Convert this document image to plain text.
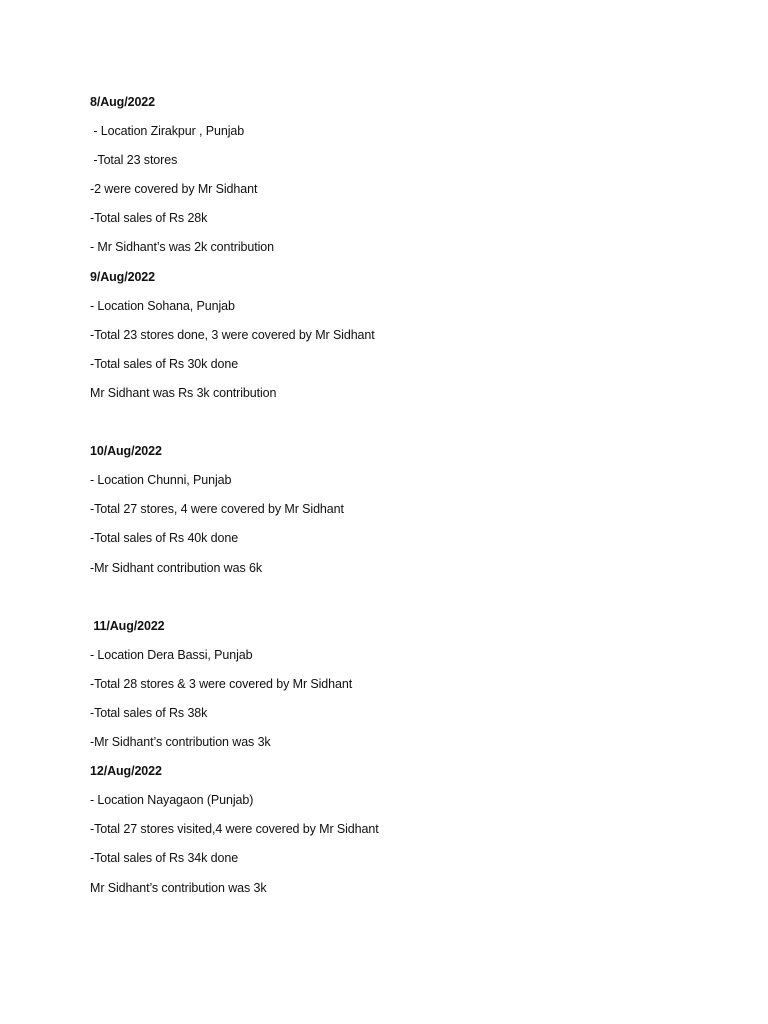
8/Aug/2022
- Location Zirakpur , Punjab
-Total 23 stores
-2 were covered by Mr Sidhant
-Total sales of Rs 28k
- Mr Sidhant’s was 2k contribution
9/Aug/2022
- Location Sohana, Punjab
-Total 23 stores done, 3 were covered by Mr Sidhant
-Total sales of Rs 30k done
Mr Sidhant was Rs 3k contribution
10/Aug/2022
- Location Chunni, Punjab
-Total 27 stores, 4 were covered by Mr Sidhant
-Total sales of Rs 40k done
-Mr Sidhant contribution was 6k
11/Aug/2022
- Location Dera Bassi, Punjab
-Total 28 stores & 3 were covered by Mr Sidhant
-Total sales of Rs 38k
-Mr Sidhant’s contribution was 3k
12/Aug/2022
- Location Nayagaon (Punjab)
-Total 27 stores visited,4 were covered by Mr Sidhant
-Total sales of Rs 34k done
Mr Sidhant’s contribution was 3k
